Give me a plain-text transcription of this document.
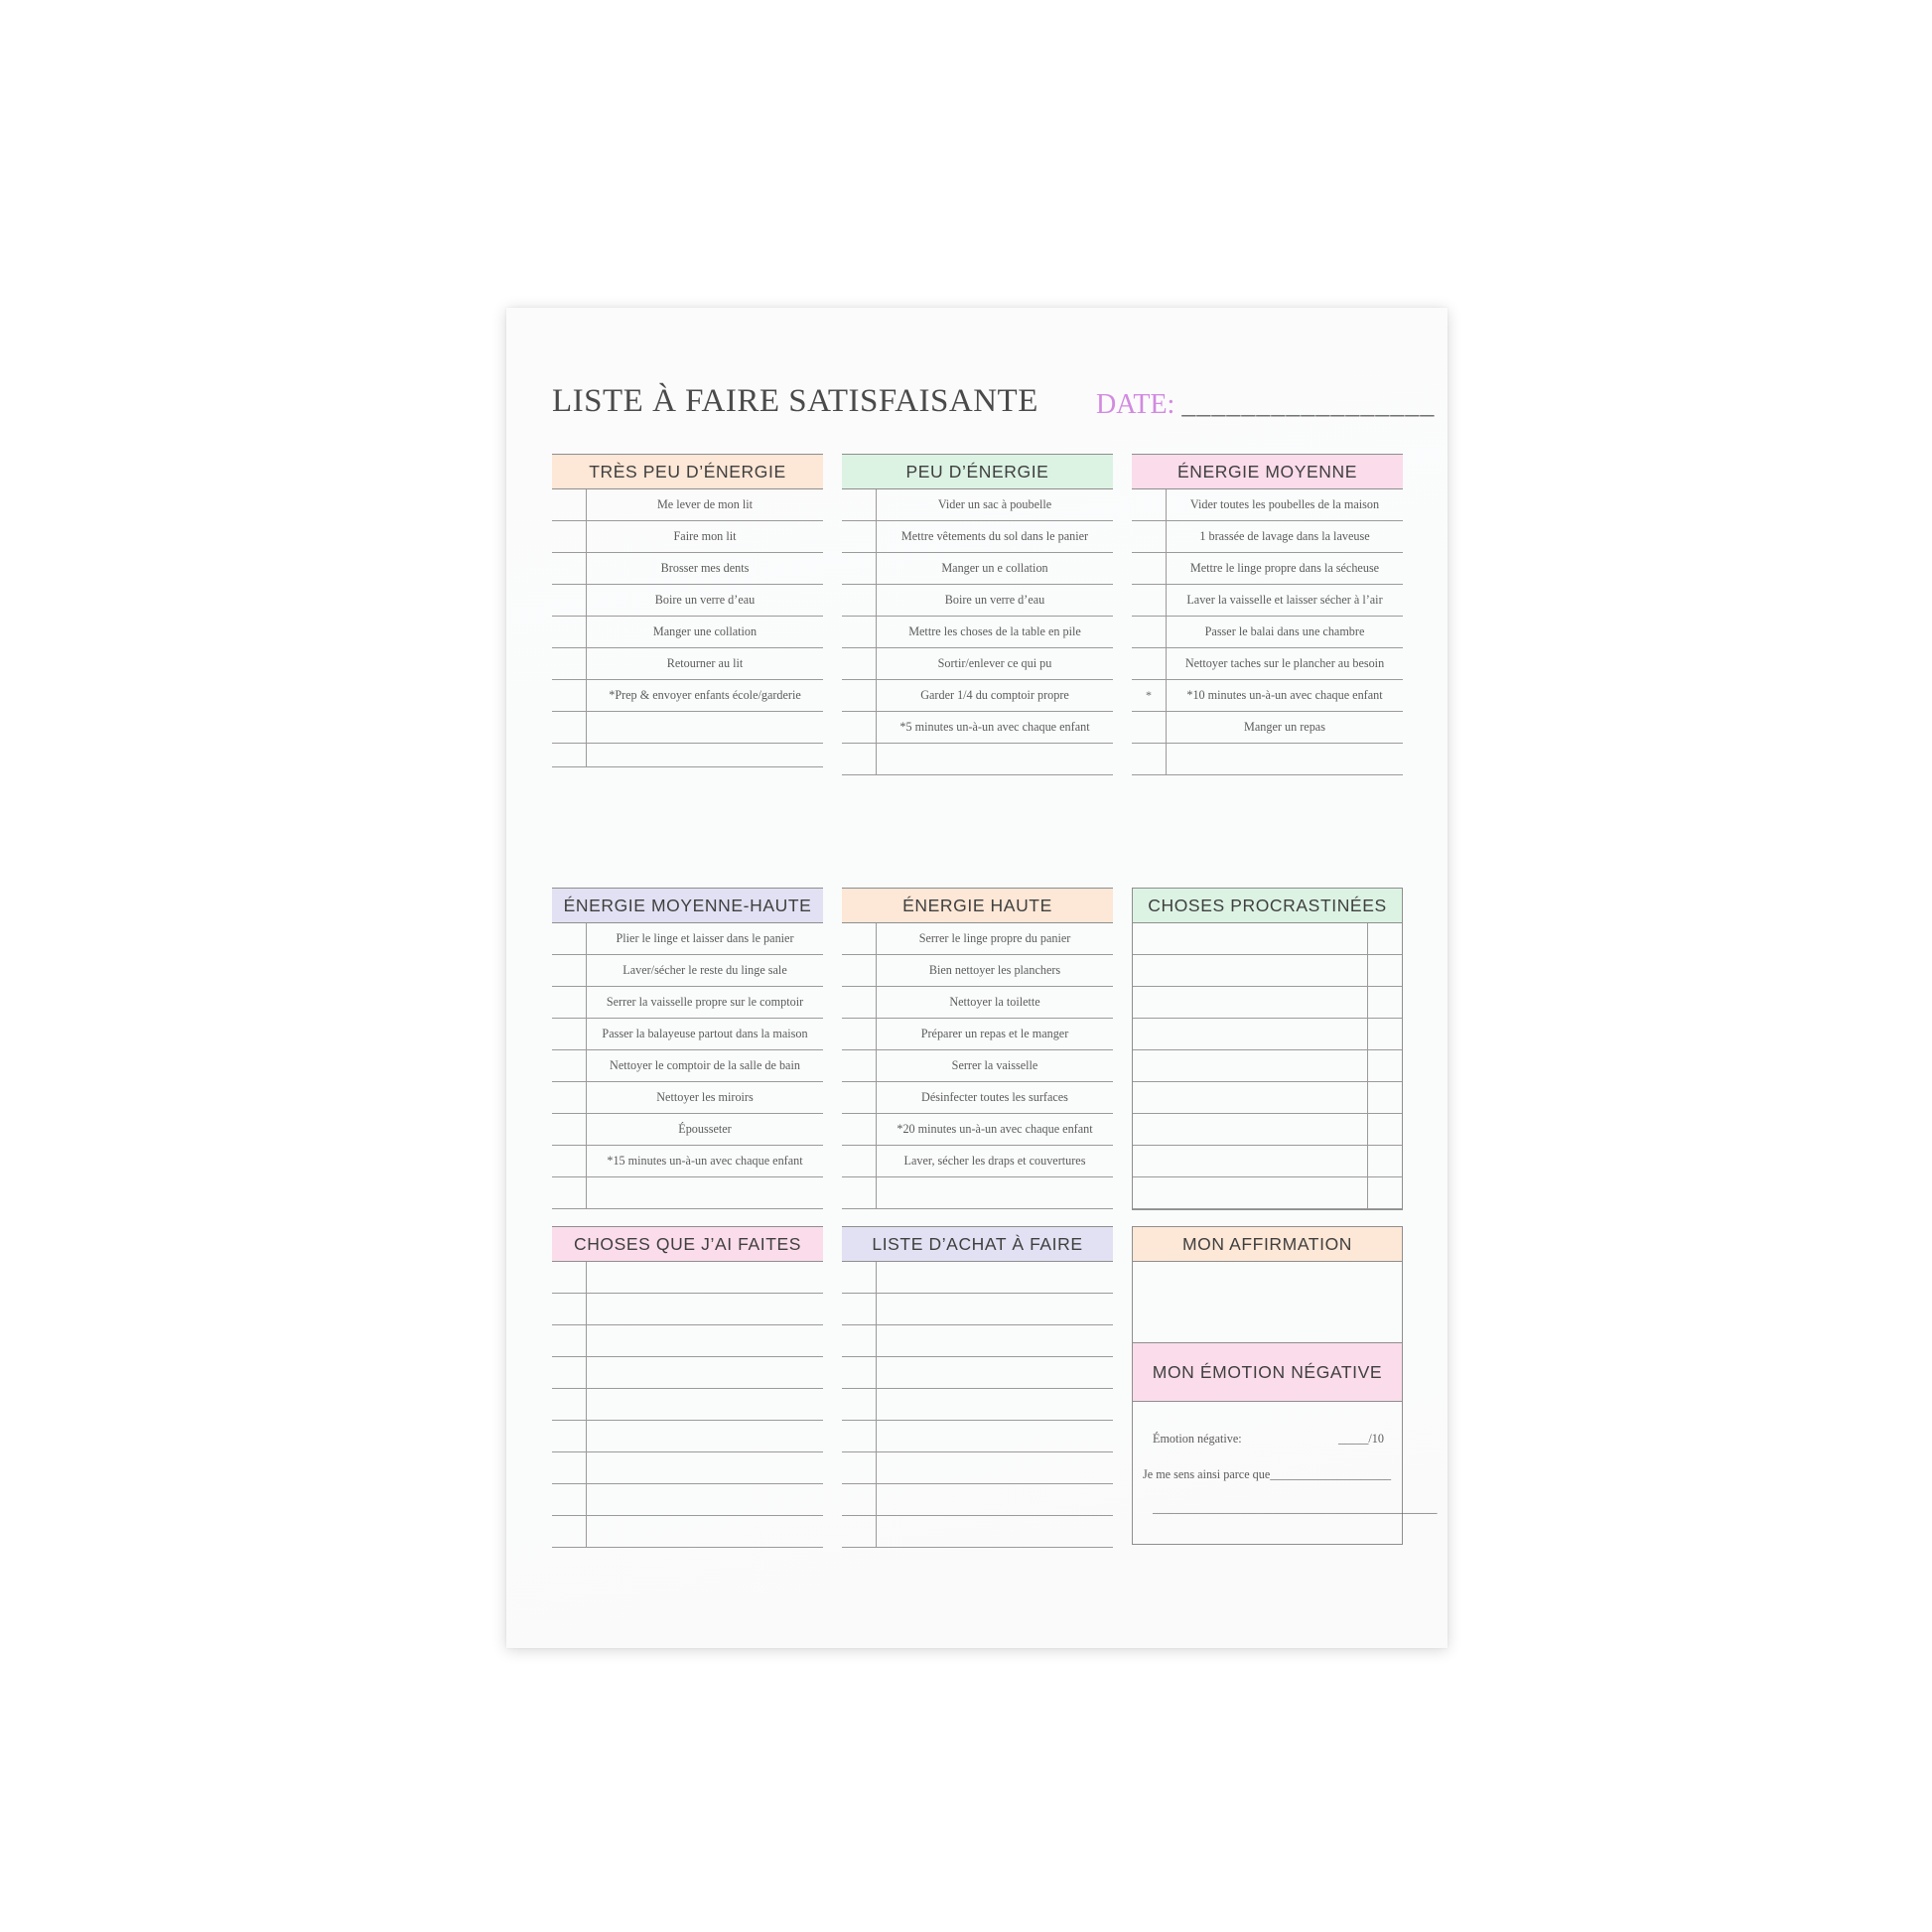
LISTE À FAIRE SATISFAISANTE DATE: _________________
TRÈS PEU D’ÉNERGIE
Me lever de mon lit
Faire mon lit
Brosser mes dents
Boire un verre d’eau
Manger une collation
Retourner au lit
*Prep & envoyer enfants école/garderie
PEU D’ÉNERGIE
Vider un sac à poubelle
Mettre vêtements du sol dans le panier
Manger un e collation
Boire un verre d’eau
Mettre les choses de la table en pile
Sortir/enlever ce qui pu
Garder 1/4 du comptoir propre
*5 minutes un-à-un avec chaque enfant
ÉNERGIE MOYENNE
Vider toutes les poubelles de la maison
1 brassée de lavage dans la laveuse
Mettre le linge propre dans la sécheuse
Laver la vaisselle et laisser sécher à l’air
Passer le balai dans une chambre
Nettoyer taches sur le plancher au besoin
*	*10 minutes un-à-un avec chaque enfant
Manger un repas
ÉNERGIE MOYENNE-HAUTE
Plier le linge et laisser dans le panier
Laver/sécher le reste du linge sale
Serrer la vaisselle propre sur le comptoir
Passer la balayeuse partout dans la maison
Nettoyer le comptoir de la salle de bain
Nettoyer les miroirs
Épousseter
*15 minutes un-à-un avec chaque enfant
ÉNERGIE HAUTE
Serrer le linge propre du panier
Bien nettoyer les planchers
Nettoyer la toilette
Préparer un repas et le manger
Serrer la vaisselle
Désinfecter toutes les surfaces
*20 minutes un-à-un avec chaque enfant
Laver, sécher les draps et couvertures
CHOSES PROCRASTINÉES
CHOSES QUE J’AI FAITES	LISTE D’ACHAT À FAIRE	MON AFFIRMATION
MON ÉMOTION NÉGATIVE
Émotion négative:	_____/10
Je me sens ainsi parce que____________________
_______________________________________________
